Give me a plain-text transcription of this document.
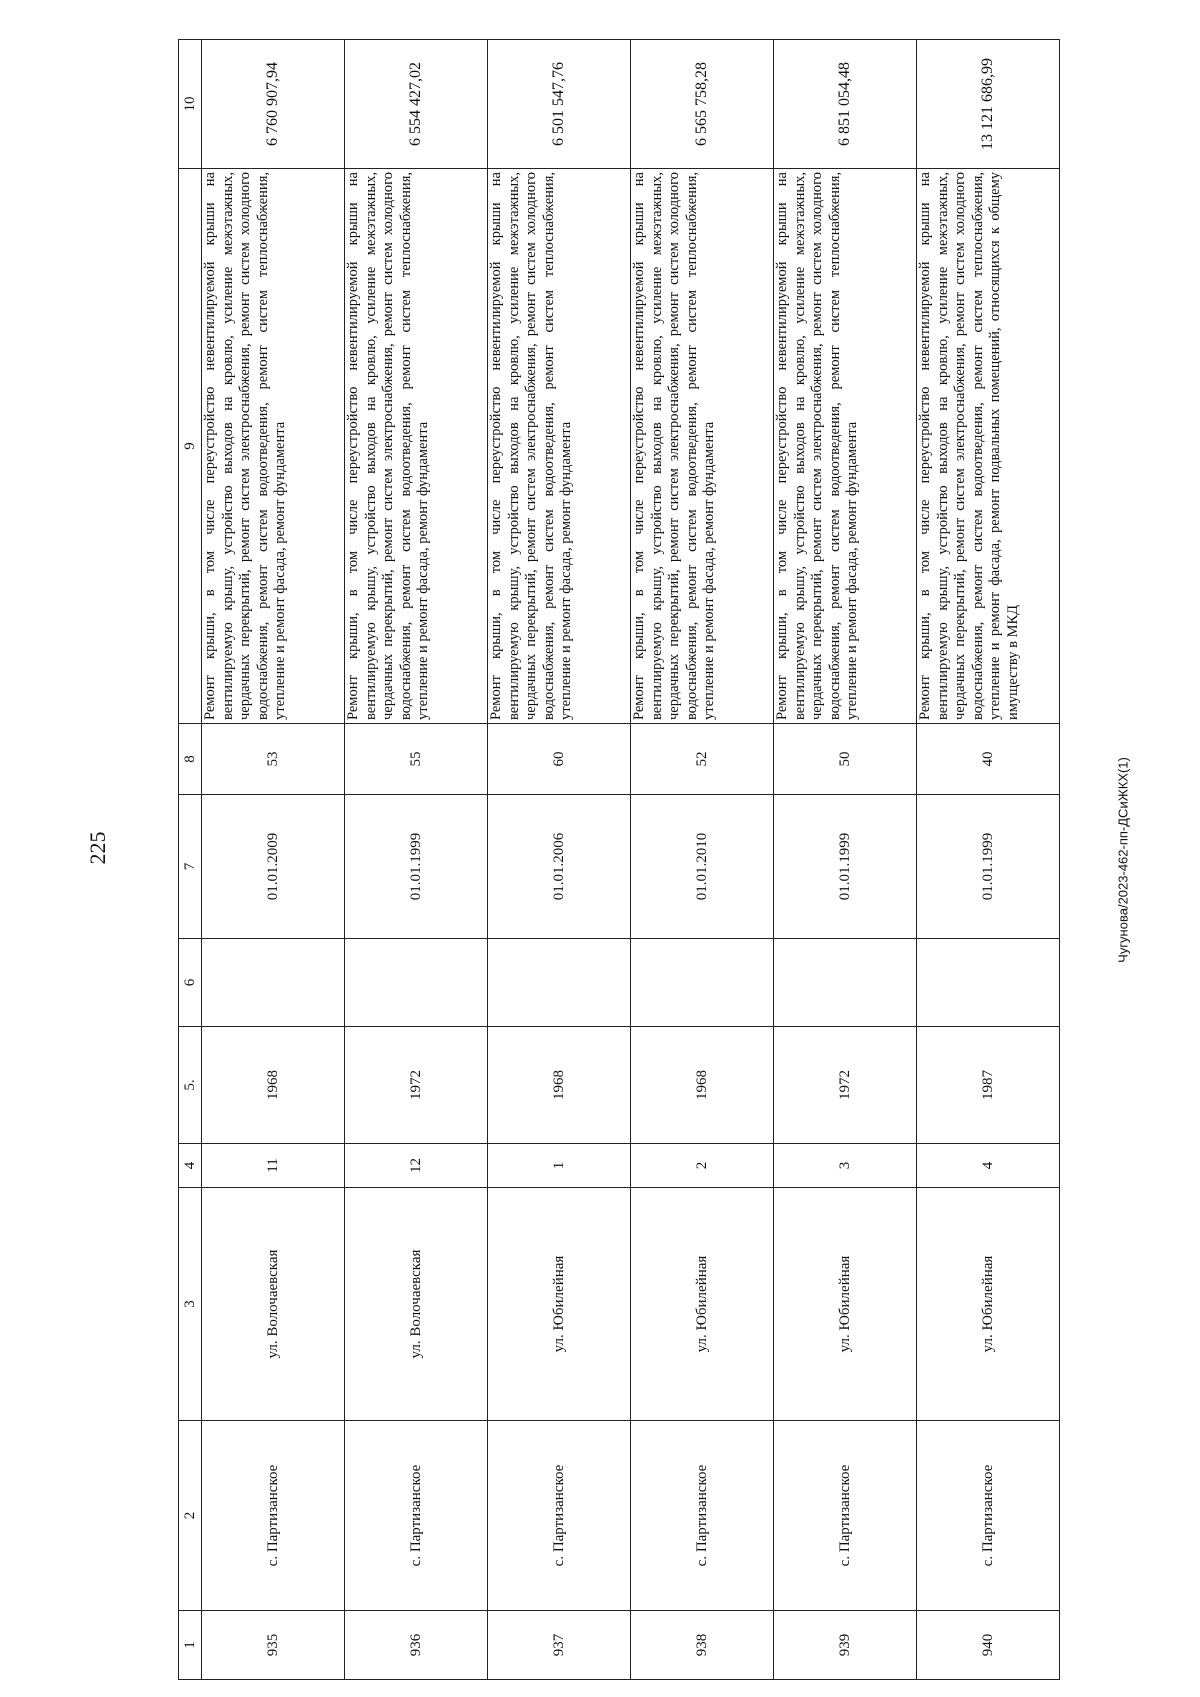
225	Чугунова/2023-462-пп-ДСиЖКХ(1)
1	2	3	4	5.	6	7	8	9	10
935	с. Партизанское	ул. Волочаевская	11	1968		01.01.2009	53	Ремонт крыши, в том числе переустройство невентилируемой крыши на вентилируемую крышу, устройство выходов на кровлю, усиление межэтажных, чердачных перекрытий, ремонт систем электроснабжения, ремонт систем холодного водоснабжения, ремонт систем водоотведения, ремонт систем теплоснабжения, утепление и ремонт фасада, ремонт фундамента	6 760 907,94
936	с. Партизанское	ул. Волочаевская	12	1972		01.01.1999	55	Ремонт крыши, в том числе переустройство невентилируемой крыши на вентилируемую крышу, устройство выходов на кровлю, усиление межэтажных, чердачных перекрытий, ремонт систем электроснабжения, ремонт систем холодного водоснабжения, ремонт систем водоотведения, ремонт систем теплоснабжения, утепление и ремонт фасада, ремонт фундамента	6 554 427,02
937	с. Партизанское	ул. Юбилейная	1	1968		01.01.2006	60	Ремонт крыши, в том числе переустройство невентилируемой крыши на вентилируемую крышу, устройство выходов на кровлю, усиление межэтажных, чердачных перекрытий, ремонт систем электроснабжения, ремонт систем холодного водоснабжения, ремонт систем водоотведения, ремонт систем теплоснабжения, утепление и ремонт фасада, ремонт фундамента	6 501 547,76
938	с. Партизанское	ул. Юбилейная	2	1968		01.01.2010	52	Ремонт крыши, в том числе переустройство невентилируемой крыши на вентилируемую крышу, устройство выходов на кровлю, усиление межэтажных, чердачных перекрытий, ремонт систем электроснабжения, ремонт систем холодного водоснабжения, ремонт систем водоотведения, ремонт систем теплоснабжения, утепление и ремонт фасада, ремонт фундамента	6 565 758,28
939	с. Партизанское	ул. Юбилейная	3	1972		01.01.1999	50	Ремонт крыши, в том числе переустройство невентилируемой крыши на вентилируемую крышу, устройство выходов на кровлю, усиление межэтажных, чердачных перекрытий, ремонт систем электроснабжения, ремонт систем холодного водоснабжения, ремонт систем водоотведения, ремонт систем теплоснабжения, утепление и ремонт фасада, ремонт фундамента	6 851 054,48
940	с. Партизанское	ул. Юбилейная	4	1987		01.01.1999	40	Ремонт крыши, в том числе переустройство невентилируемой крыши на вентилируемую крышу, устройство выходов на кровлю, усиление межэтажных, чердачных перекрытий, ремонт систем электроснабжения, ремонт систем холодного водоснабжения, ремонт систем водоотведения, ремонт систем теплоснабжения, утепление и ремонт фасада, ремонт подвальных помещений, относящихся к общему имуществу в МКД	13 121 686,99
